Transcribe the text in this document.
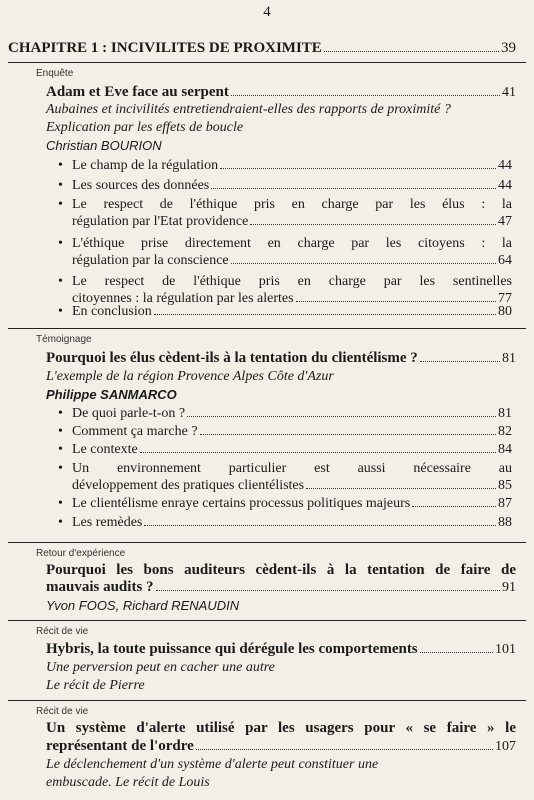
4
CHAPITRE 1 : INCIVILITES DE PROXIMITE	39
Enquête
Adam et Eve face au serpent	41
Aubaines et incivilités entretiendraient-elles des rapports de proximité ?
Explication par les effets de boucle
Christian BOURION
• Le champ de la régulation	44
• Les sources des données	44
• Le respect de l'éthique pris en charge par les élus : la
régulation par l'Etat providence	47
• L'éthique prise directement en charge par les citoyens : la
régulation par la conscience	64
• Le respect de l'éthique pris en charge par les sentinelles
citoyennes : la régulation par les alertes	77
• En conclusion	80
Témoignage
Pourquoi les élus cèdent-ils à la tentation du clientélisme ?	81
L'exemple de la région Provence Alpes Côte d'Azur
Philippe SANMARCO
• De quoi parle-t-on ?	81
• Comment ça marche ?	82
• Le contexte	84
• Un environnement particulier est aussi nécessaire au
développement des pratiques clientélistes	85
• Le clientélisme enraye certains processus politiques majeurs	87
• Les remèdes	88
Retour d'expérience
Pourquoi les bons auditeurs cèdent-ils à la tentation de faire de
mauvais audits ?	91
Yvon FOOS, Richard RENAUDIN
Récit de vie
Hybris, la toute puissance qui dérégule les comportements	101
Une perversion peut en cacher une autre
Le récit de Pierre
Récit de vie
Un système d'alerte utilisé par les usagers pour « se faire » le
représentant de l'ordre	107
Le déclenchement d'un système d'alerte peut constituer une
embuscade. Le récit de Louis
